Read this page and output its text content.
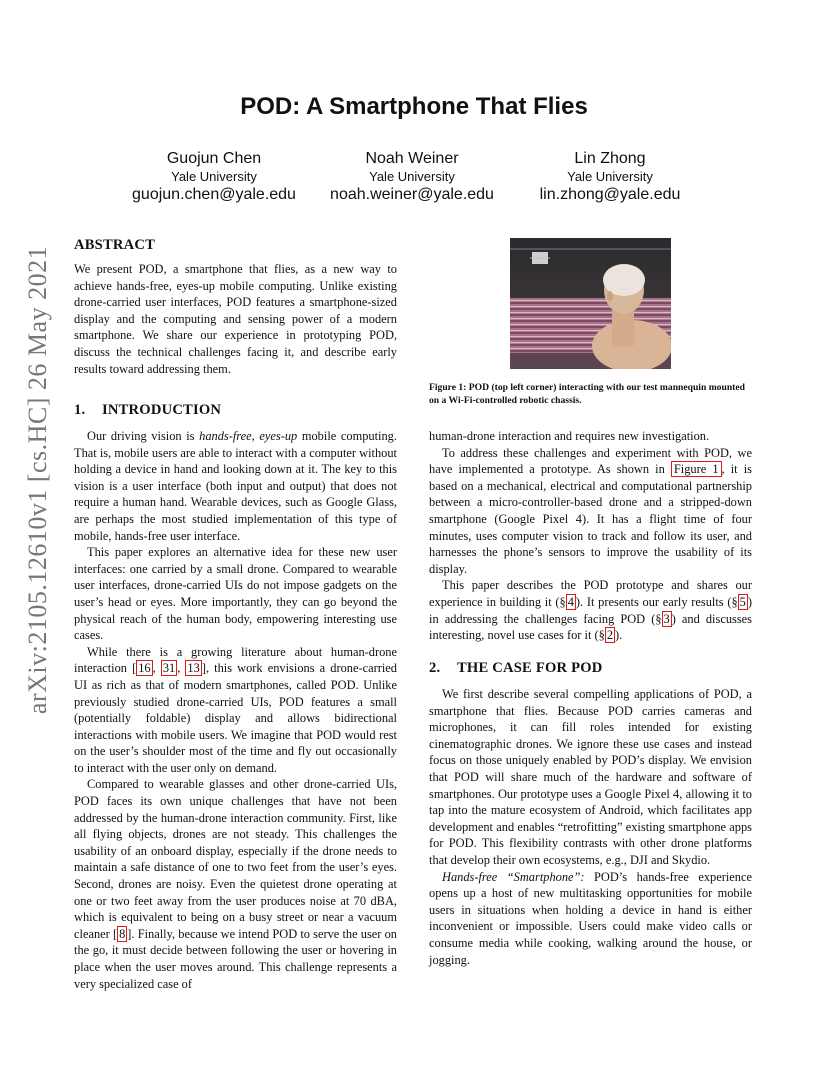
arXiv:2105.12610v1 [cs.HC] 26 May 2021
POD: A Smartphone That Flies
Guojun Chen
Yale University
guojun.chen@yale.edu
Noah Weiner
Yale University
noah.weiner@yale.edu
Lin Zhong
Yale University
lin.zhong@yale.edu
ABSTRACT

We present POD, a smartphone that flies, as a new way to achieve hands-free, eyes-up mobile computing. Unlike existing drone-carried user interfaces, POD features a smartphone-sized display and the computing and sensing power of a modern smartphone. We share our experience in prototyping POD, discuss the technical challenges facing it, and describe early results toward addressing them.

1. INTRODUCTION

Our driving vision is hands-free, eyes-up mobile computing. That is, mobile users are able to interact with a computer without holding a device in hand and looking down at it. The key to this vision is a user interface (both input and output) that does not require a human hand. Wearable devices, such as Google Glass, are perhaps the most studied implementation of this type of mobile, hands-free user interface.

This paper explores an alternative idea for these new user interfaces: one carried by a small drone. Compared to wearable user interfaces, drone-carried UIs do not impose gadgets on the user’s head or eyes. More importantly, they can go beyond the physical reach of the human body, empowering interesting use cases.

While there is a growing literature about human-drone interaction [ 16 , 31 , 13 ], this work envisions a drone-carried UI as rich as that of modern smartphones, called POD. Unlike previously studied drone-carried UIs, POD features a small (potentially foldable) display and allows bidirectional interactions with mobile users. We imagine that POD would rest on the user’s shoulder most of the time and fly out occasionally to interact with the user only on demand.

Compared to wearable glasses and other drone-carried UIs, POD faces its own unique challenges that have not been addressed by the human-drone interaction community. First, like all flying objects, drones are not steady. This challenges the usability of an onboard display, especially if the drone needs to maintain a safe distance of one to two feet from the user’s eyes. Second, drones are noisy. Even the quietest drone operating at one or two feet away from the user produces noise at 70 dBA, which is equivalent to being on a busy street or near a vacuum cleaner [ 8 ]. Finally, because we intend POD to serve the user on the go, it must decide between following the user or hovering in place when the user moves around. This challenge represents a very specialized case of

Figure 1: POD (top left corner) interacting with our test mannequin mounted on a Wi-Fi-controlled robotic chassis.

human-drone interaction and requires new investigation.

To address these challenges and experiment with POD, we have implemented a prototype. As shown in Figure 1 , it is based on a mechanical, electrical and computational partnership between a micro-controller-based drone and a stripped-down smartphone (Google Pixel 4). It has a flight time of four minutes, uses computer vision to track and follow its user, and harnesses the phone’s sensors to improve the usability of its display.

This paper describes the POD prototype and shares our experience in building it (§ 4 ). It presents our early results (§ 5 ) in addressing the challenges facing POD (§ 3 ) and discusses interesting, novel use cases for it (§ 2 ).

2. THE CASE FOR POD

We first describe several compelling applications of POD, a smartphone that flies. Because POD carries cameras and microphones, it can fill roles intended for existing cinematographic drones. We ignore these use cases and instead focus on those uniquely enabled by POD’s display. We envision that POD will share much of the hardware and software of smartphones. Our prototype uses a Google Pixel 4, allowing it to tap into the mature ecosystem of Android, which facilitates app development and enables “retrofitting” existing smartphone apps for POD. This flexibility contrasts with other drone platforms that develop their own ecosystems, e.g., DJI and Skydio.

Hands-free “Smartphone”: POD’s hands-free experience opens up a host of new multitasking opportunities for mobile users in situations when holding a device in hand is either inconvenient or impossible. Users could make video calls or consume media while cooking, walking around the house, or jogging.
